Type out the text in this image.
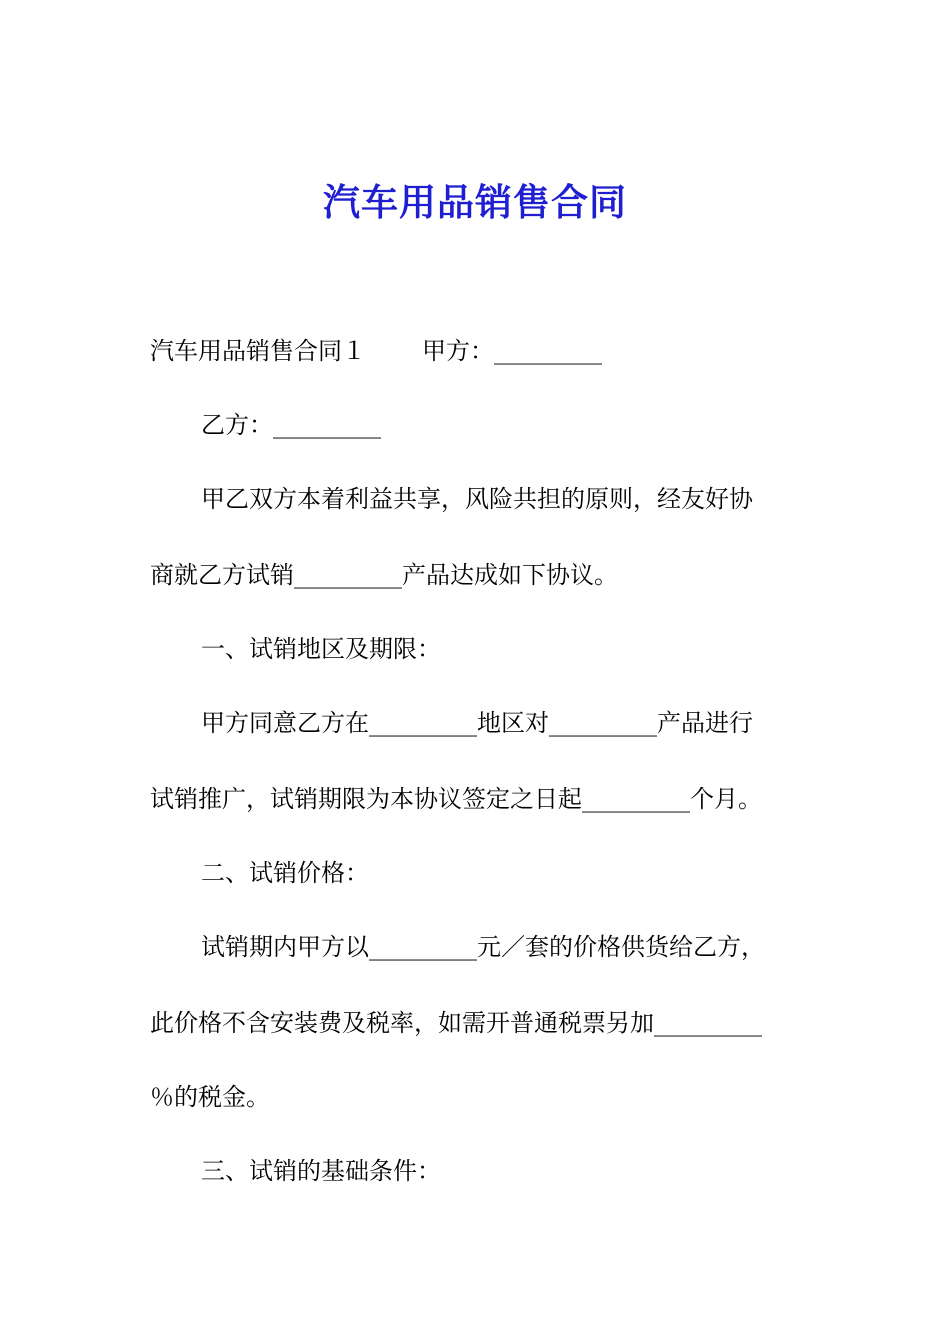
汽车用品销售合同
汽车用品销售合同１ 甲方：_________
乙方：_________
甲乙双方本着利益共享，风险共担的原则，经友好协
商就乙方试销_________产品达成如下协议。
一、试销地区及期限：
甲方同意乙方在_________地区对_________产品进行
试销推广，试销期限为本协议签定之日起_________个月。
二、试销价格：
试销期内甲方以_________元／套的价格供货给乙方，
此价格不含安装费及税率，如需开普通税票另加_________
％的税金。
三、试销的基础条件：
